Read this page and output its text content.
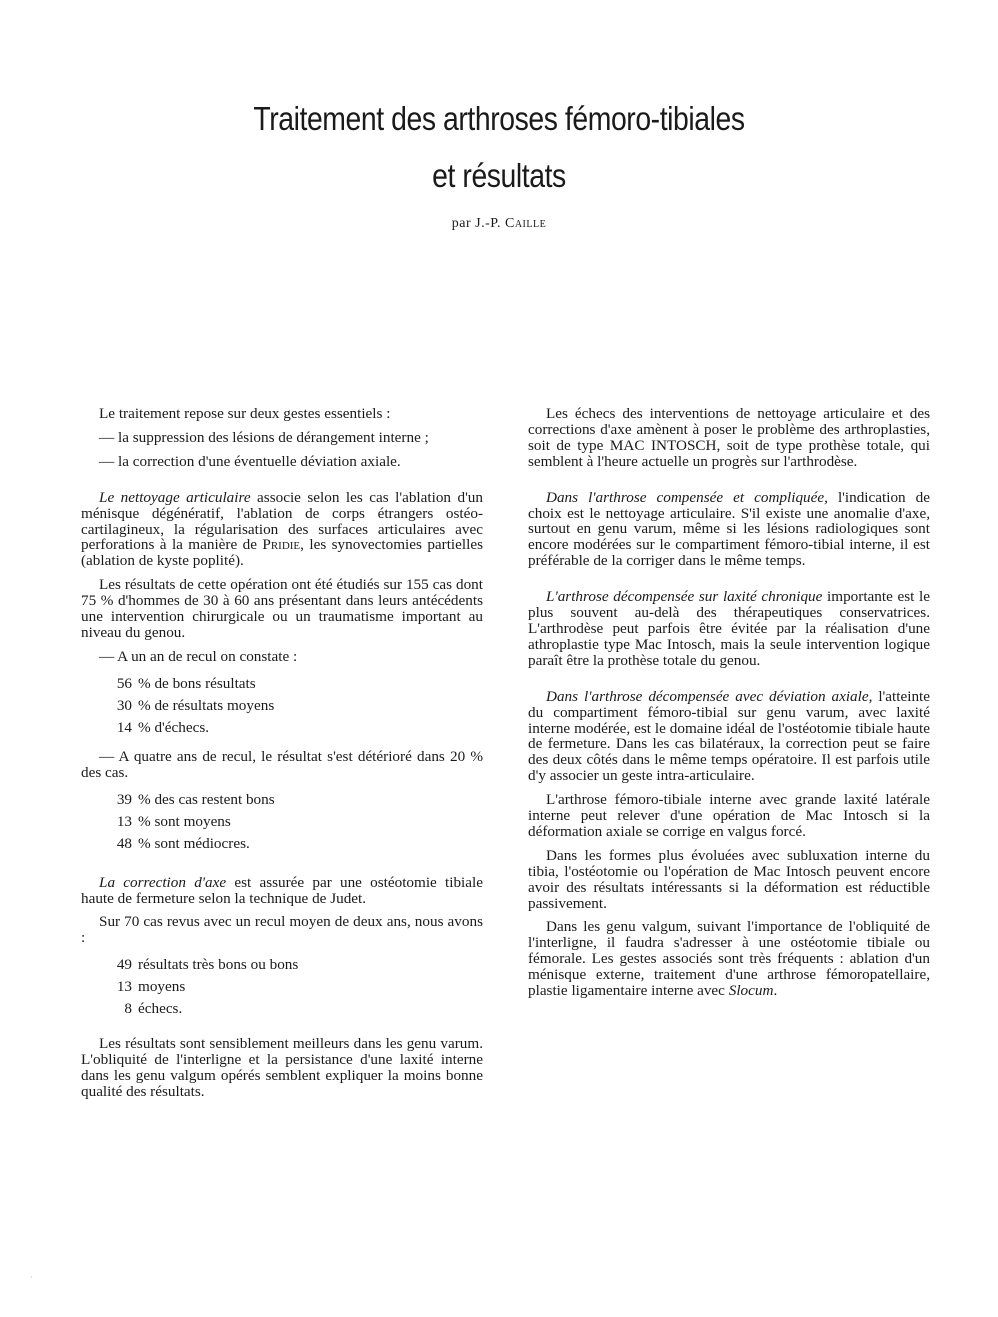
Traitement des arthroses fémoro-tibiales
et résultats
par J.-P. Caille

Le traitement repose sur deux gestes essentiels :

— la suppression des lésions de dérangement interne ;

— la correction d'une éventuelle déviation axiale.

Le nettoyage articulaire associe selon les cas l'ablation d'un ménisque dégénératif, l'ablation de corps étrangers ostéo-cartilagineux, la régularisation des surfaces articulaires avec perforations à la manière de Pridie, les synovectomies partielles (ablation de kyste poplité).

Les résultats de cette opération ont été étudiés sur 155 cas dont 75 % d'hommes de 30 à 60 ans présentant dans leurs antécédents une intervention chirurgicale ou un traumatisme important au niveau du genou.

— A un an de recul on constate :

56 % de bons résultats
30 % de résultats moyens
14 % d'échecs.

— A quatre ans de recul, le résultat s'est détérioré dans 20 % des cas.

39 % des cas restent bons
13 % sont moyens
48 % sont médiocres.

La correction d'axe est assurée par une ostéotomie tibiale haute de fermeture selon la technique de Judet.

Sur 70 cas revus avec un recul moyen de deux ans, nous avons :

49 résultats très bons ou bons
13 moyens
8 échecs.

Les résultats sont sensiblement meilleurs dans les genu varum. L'obliquité de l'interligne et la persistance d'une laxité interne dans les genu valgum opérés semblent expliquer la moins bonne qualité des résultats.

Les échecs des interventions de nettoyage articulaire et des corrections d'axe amènent à poser le problème des arthroplasties, soit de type MAC INTOSCH, soit de type prothèse totale, qui semblent à l'heure actuelle un progrès sur l'arthrodèse.

Dans l'arthrose compensée et compliquée, l'indication de choix est le nettoyage articulaire. S'il existe une anomalie d'axe, surtout en genu varum, même si les lésions radiologiques sont encore modérées sur le compartiment fémoro-tibial interne, il est préférable de la corriger dans le même temps.

L'arthrose décompensée sur laxité chronique importante est le plus souvent au-delà des thérapeutiques conservatrices. L'arthrodèse peut parfois être évitée par la réalisation d'une athroplastie type Mac Intosch, mais la seule intervention logique paraît être la prothèse totale du genou.

Dans l'arthrose décompensée avec déviation axiale, l'atteinte du compartiment fémoro-tibial sur genu varum, avec laxité interne modérée, est le domaine idéal de l'ostéotomie tibiale haute de fermeture. Dans les cas bilatéraux, la correction peut se faire des deux côtés dans le même temps opératoire. Il est parfois utile d'y associer un geste intra-articulaire.

L'arthrose fémoro-tibiale interne avec grande laxité latérale interne peut relever d'une opération de Mac Intosch si la déformation axiale se corrige en valgus forcé.

Dans les formes plus évoluées avec subluxation interne du tibia, l'ostéotomie ou l'opération de Mac Intosch peuvent encore avoir des résultats intéressants si la déformation est réductible passivement.

Dans les genu valgum, suivant l'importance de l'obliquité de l'interligne, il faudra s'adresser à une ostéotomie tibiale ou fémorale. Les gestes associés sont très fréquents : ablation d'un ménisque externe, traitement d'une arthrose fémoropatellaire, plastie ligamentaire interne avec Slocum.

·
